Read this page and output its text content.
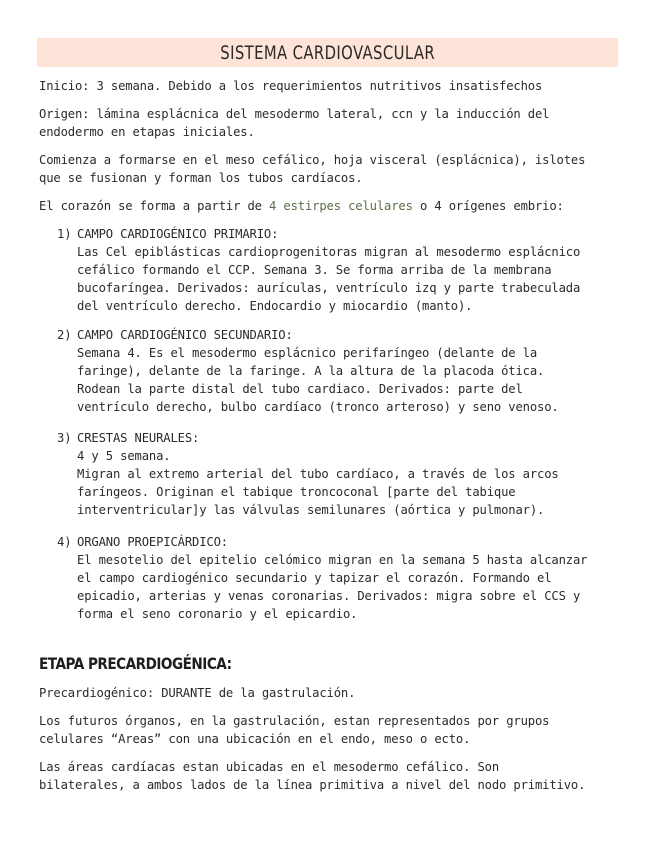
SISTEMA CARDIOVASCULAR
Inicio: 3 semana. Debido a los requerimientos nutritivos insatisfechos
Origen: lámina esplácnica del mesodermo lateral, ccn y la inducción del
endodermo en etapas iniciales.
Comienza a formarse en el meso cefálico, hoja visceral (esplácnica), islotes
que se fusionan y forman los tubos cardíacos.
El corazón se forma a partir de 4 estirpes celulares o 4 orígenes embrio:
1) CAMPO CARDIOGÉNICO PRIMARIO:
Las Cel epiblásticas cardioprogenitoras migran al mesodermo esplácnico
cefálico formando el CCP. Semana 3. Se forma arriba de la membrana
bucofaríngea. Derivados: aurículas, ventrículo izq y parte trabeculada
del ventrículo derecho. Endocardio y miocardio (manto).
2) CAMPO CARDIOGÉNICO SECUNDARIO:
Semana 4. Es el mesodermo esplácnico perifaríngeo (delante de la
faringe), delante de la faringe. A la altura de la placoda ótica.
Rodean la parte distal del tubo cardiaco. Derivados: parte del
ventrículo derecho, bulbo cardíaco (tronco arteroso) y seno venoso.
3) CRESTAS NEURALES:
4 y 5 semana.
Migran al extremo arterial del tubo cardíaco, a través de los arcos
faríngeos. Originan el tabique troncoconal [parte del tabique
interventricular]y las válvulas semilunares (aórtica y pulmonar).
4) ORGANO PROEPICÁRDICO:
El mesotelio del epitelio celómico migran en la semana 5 hasta alcanzar
el campo cardiogénico secundario y tapizar el corazón. Formando el
epicadio, arterias y venas coronarias. Derivados: migra sobre el CCS y
forma el seno coronario y el epicardio.
ETAPA PRECARDIOGÉNICA:
Precardiogénico: DURANTE de la gastrulación.
Los futuros órganos, en la gastrulación, estan representados por grupos
celulares “Areas” con una ubicación en el endo, meso o ecto.
Las áreas cardíacas estan ubicadas en el mesodermo cefálico. Son
bilaterales, a ambos lados de la línea primitiva a nivel del nodo primitivo.
